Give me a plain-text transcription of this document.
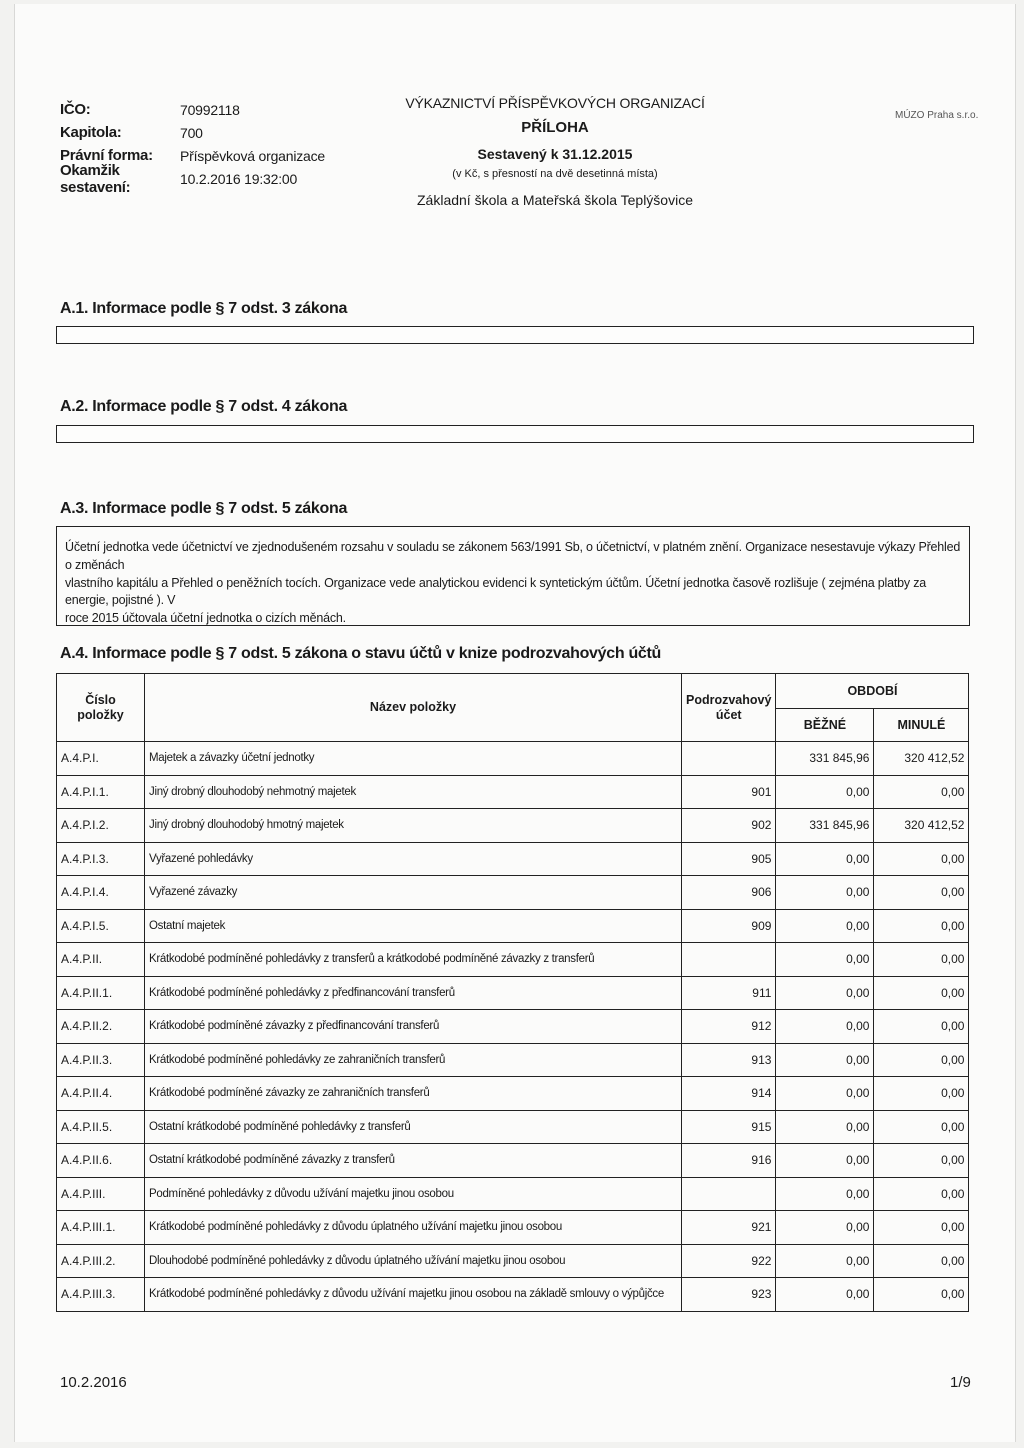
IČO:	70992118
Kapitola:	700
Právní forma:	Příspěvková organizace
Okamžik sestavení:	10.2.2016 19:32:00
VÝKAZNICTVÍ PŘÍSPĚVKOVÝCH ORGANIZACÍ
PŘÍLOHA
Sestavený k 31.12.2015
(v Kč, s přesností na dvě desetinná místa)
Základní škola a Mateřská škola Teplýšovice
MÚZO Praha s.r.o.
A.1. Informace podle § 7 odst. 3 zákona
A.2. Informace podle § 7 odst. 4 zákona
A.3. Informace podle § 7 odst. 5 zákona
Účetní jednotka vede účetnictví ve zjednodušeném rozsahu v souladu se zákonem 563/1991 Sb, o účetnictví, v platném znění. Organizace nesestavuje výkazy Přehled o změnách
vlastního kapitálu a Přehled o peněžních tocích. Organizace vede analytickou evidenci k syntetickým účtům. Účetní jednotka časově rozlišuje ( zejména platby za energie, pojistné ). V
roce 2015 účtovala účetní jednotka o cizích měnách.
A.4. Informace podle § 7 odst. 5 zákona o stavu účtů v knize podrozvahových účtů
Číslo položky	Název položky	Podrozvahový účet	OBDOBÍ	
			BĚŽNÉ	MINULÉ
A.4.P.I.	Majetek a závazky účetní jednotky		331 845,96	320 412,52
A.4.P.I.1.	Jiný drobný dlouhodobý nehmotný majetek	901	0,00	0,00
A.4.P.I.2.	Jiný drobný dlouhodobý hmotný majetek	902	331 845,96	320 412,52
A.4.P.I.3.	Vyřazené pohledávky	905	0,00	0,00
A.4.P.I.4.	Vyřazené závazky	906	0,00	0,00
A.4.P.I.5.	Ostatní majetek	909	0,00	0,00
A.4.P.II.	Krátkodobé podmíněné pohledávky z transferů a krátkodobé podmíněné závazky z transferů		0,00	0,00
A.4.P.II.1.	Krátkodobé podmíněné pohledávky z předfinancování transferů	911	0,00	0,00
A.4.P.II.2.	Krátkodobé podmíněné závazky z předfinancování transferů	912	0,00	0,00
A.4.P.II.3.	Krátkodobé podmíněné pohledávky ze zahraničních transferů	913	0,00	0,00
A.4.P.II.4.	Krátkodobé podmíněné závazky ze zahraničních transferů	914	0,00	0,00
A.4.P.II.5.	Ostatní krátkodobé podmíněné pohledávky z transferů	915	0,00	0,00
A.4.P.II.6.	Ostatní krátkodobé podmíněné závazky z transferů	916	0,00	0,00
A.4.P.III.	Podmíněné pohledávky z důvodu užívání majetku jinou osobou		0,00	0,00
A.4.P.III.1.	Krátkodobé podmíněné pohledávky z důvodu úplatného užívání majetku jinou osobou	921	0,00	0,00
A.4.P.III.2.	Dlouhodobé podmíněné pohledávky z důvodu úplatného užívání majetku jinou osobou	922	0,00	0,00
A.4.P.III.3.	Krátkodobé podmíněné pohledávky z důvodu užívání majetku jinou osobou na základě smlouvy o výpůjčce	923	0,00	0,00
10.2.2016	1/9
